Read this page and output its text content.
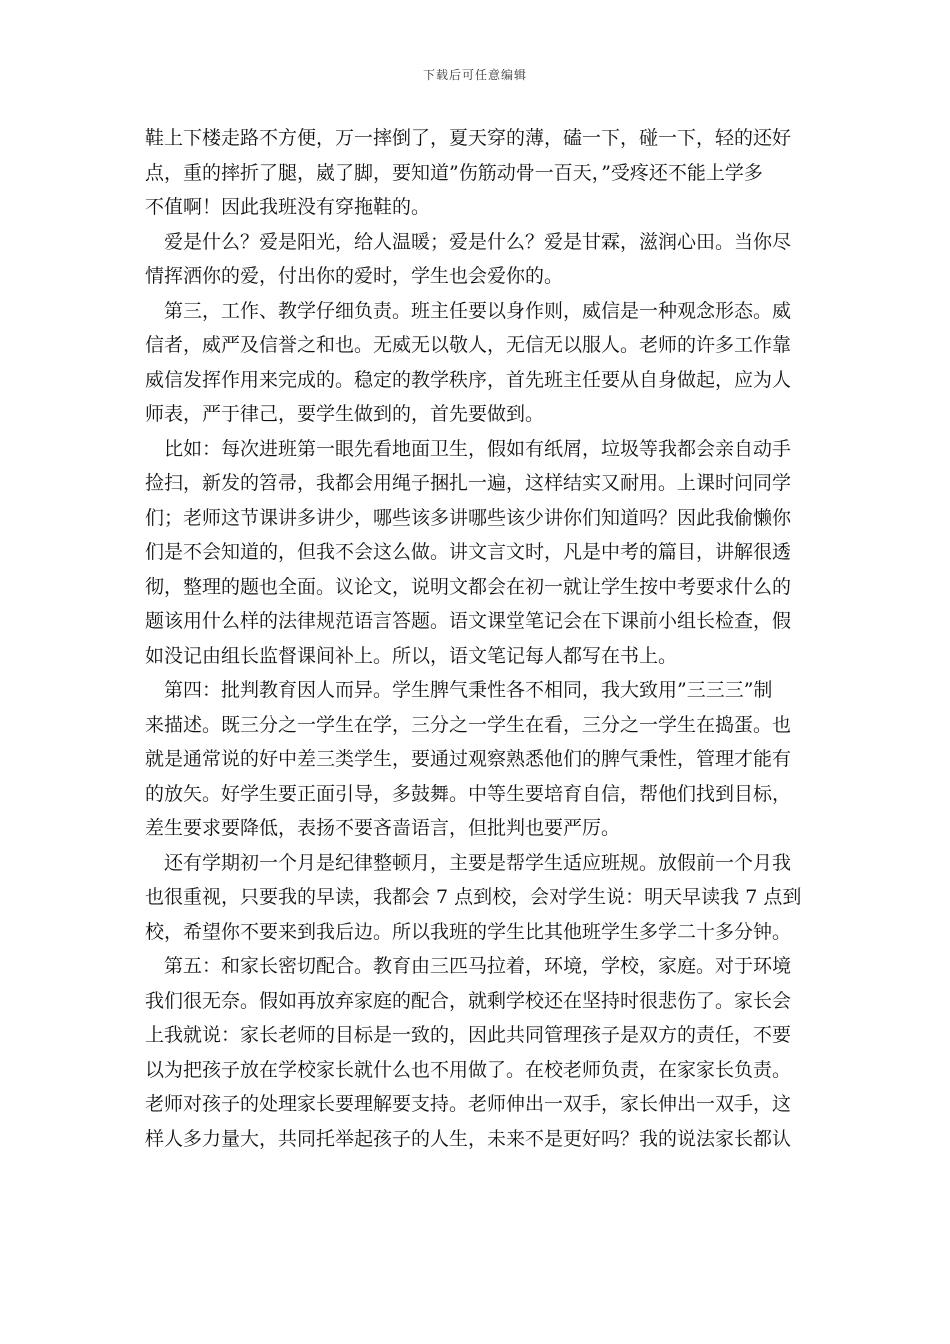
下载后可任意编辑
鞋上下楼走路不方便，万一摔倒了，夏天穿的薄，磕一下，碰一下，轻的还好
点，重的摔折了腿，崴了脚，要知道”伤筋动骨一百天，”受疼还不能上学多
不值啊！因此我班没有穿拖鞋的。
　爱是什么？爱是阳光，给人温暖；爱是什么？爱是甘霖，滋润心田。当你尽
情挥洒你的爱，付出你的爱时，学生也会爱你的。
　第三，工作、教学仔细负责。班主任要以身作则，威信是一种观念形态。威
信者，威严及信誉之和也。无威无以敬人，无信无以服人。老师的许多工作靠
威信发挥作用来完成的。稳定的教学秩序，首先班主任要从自身做起，应为人
师表，严于律己，要学生做到的，首先要做到。
　比如：每次进班第一眼先看地面卫生，假如有纸屑，垃圾等我都会亲自动手
捡扫，新发的笤帚，我都会用绳子捆扎一遍，这样结实又耐用。上课时问同学
们；老师这节课讲多讲少，哪些该多讲哪些该少讲你们知道吗？因此我偷懒你
们是不会知道的，但我不会这么做。讲文言文时，凡是中考的篇目，讲解很透
彻，整理的题也全面。议论文，说明文都会在初一就让学生按中考要求什么的
题该用什么样的法律规范语言答题。语文课堂笔记会在下课前小组长检查，假
如没记由组长监督课间补上。所以，语文笔记每人都写在书上。
　第四：批判教育因人而异。学生脾气秉性各不相同，我大致用”三三三”制
来描述。既三分之一学生在学，三分之一学生在看，三分之一学生在捣蛋。也
就是通常说的好中差三类学生，要通过观察熟悉他们的脾气秉性，管理才能有
的放矢。好学生要正面引导，多鼓舞。中等生要培育自信，帮他们找到目标，
差生要求要降低，表扬不要吝啬语言，但批判也要严厉。
　还有学期初一个月是纪律整顿月，主要是帮学生适应班规。放假前一个月我
也很重视，只要我的早读，我都会 7 点到校，会对学生说：明天早读我 7 点到
校，希望你不要来到我后边。所以我班的学生比其他班学生多学二十多分钟。
　第五：和家长密切配合。教育由三匹马拉着，环境，学校，家庭。对于环境
我们很无奈。假如再放弃家庭的配合，就剩学校还在坚持时很悲伤了。家长会
上我就说：家长老师的目标是一致的，因此共同管理孩子是双方的责任，不要
以为把孩子放在学校家长就什么也不用做了。在校老师负责，在家家长负责。
老师对孩子的处理家长要理解要支持。老师伸出一双手，家长伸出一双手，这
样人多力量大，共同托举起孩子的人生，未来不是更好吗？我的说法家长都认
